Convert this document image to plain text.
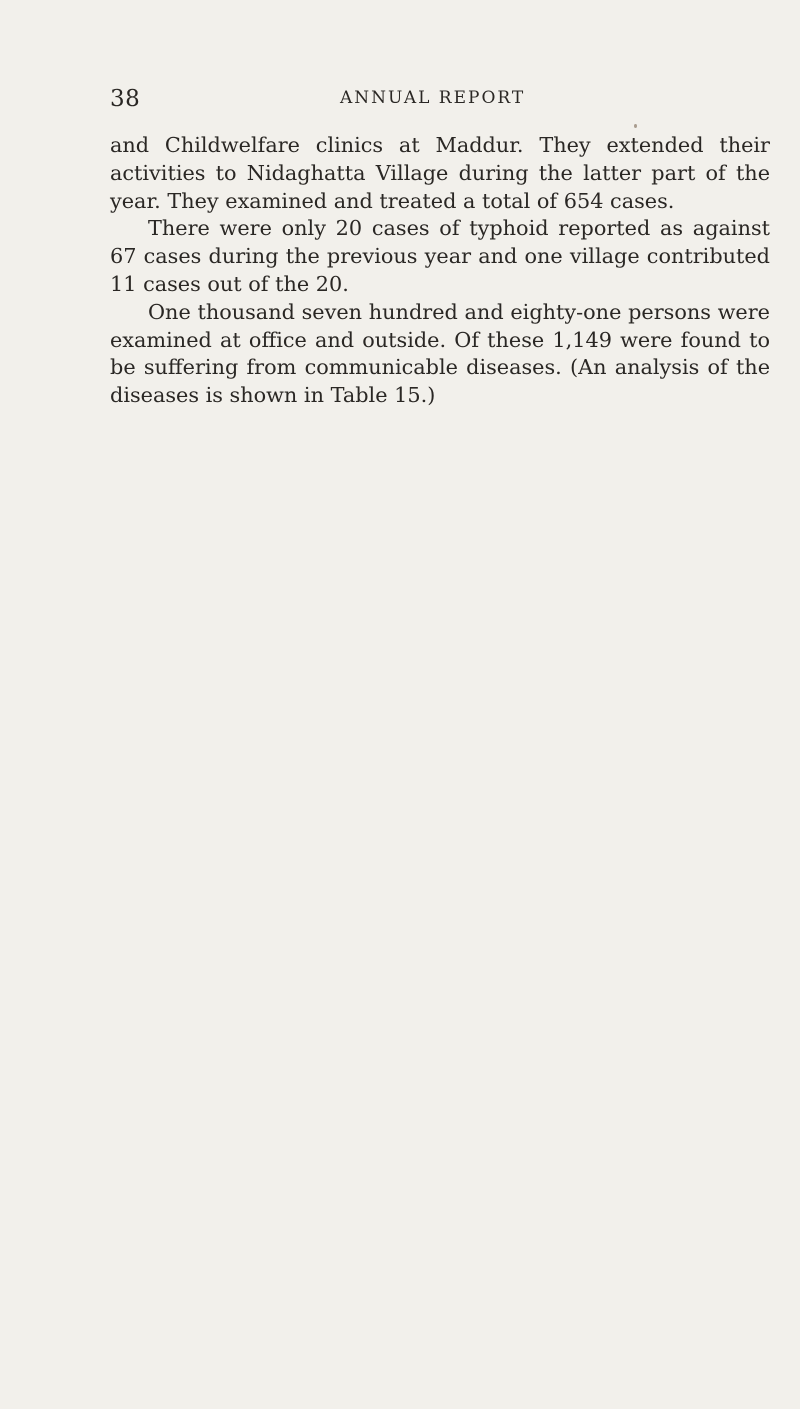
38	ANNUAL REPORT

and Childwelfare clinics at Maddur. They extended their activities to Nidaghatta Village during the latter part of the year. They examined and treated a total of 654 cases.

There were only 20 cases of typhoid reported as against 67 cases during the previous year and one village contributed 11 cases out of the 20.

One thousand seven hundred and eighty-one persons were examined at office and outside. Of these 1,149 were found to be suffering from communicable diseases. (An analysis of the diseases is shown in Table 15.)
